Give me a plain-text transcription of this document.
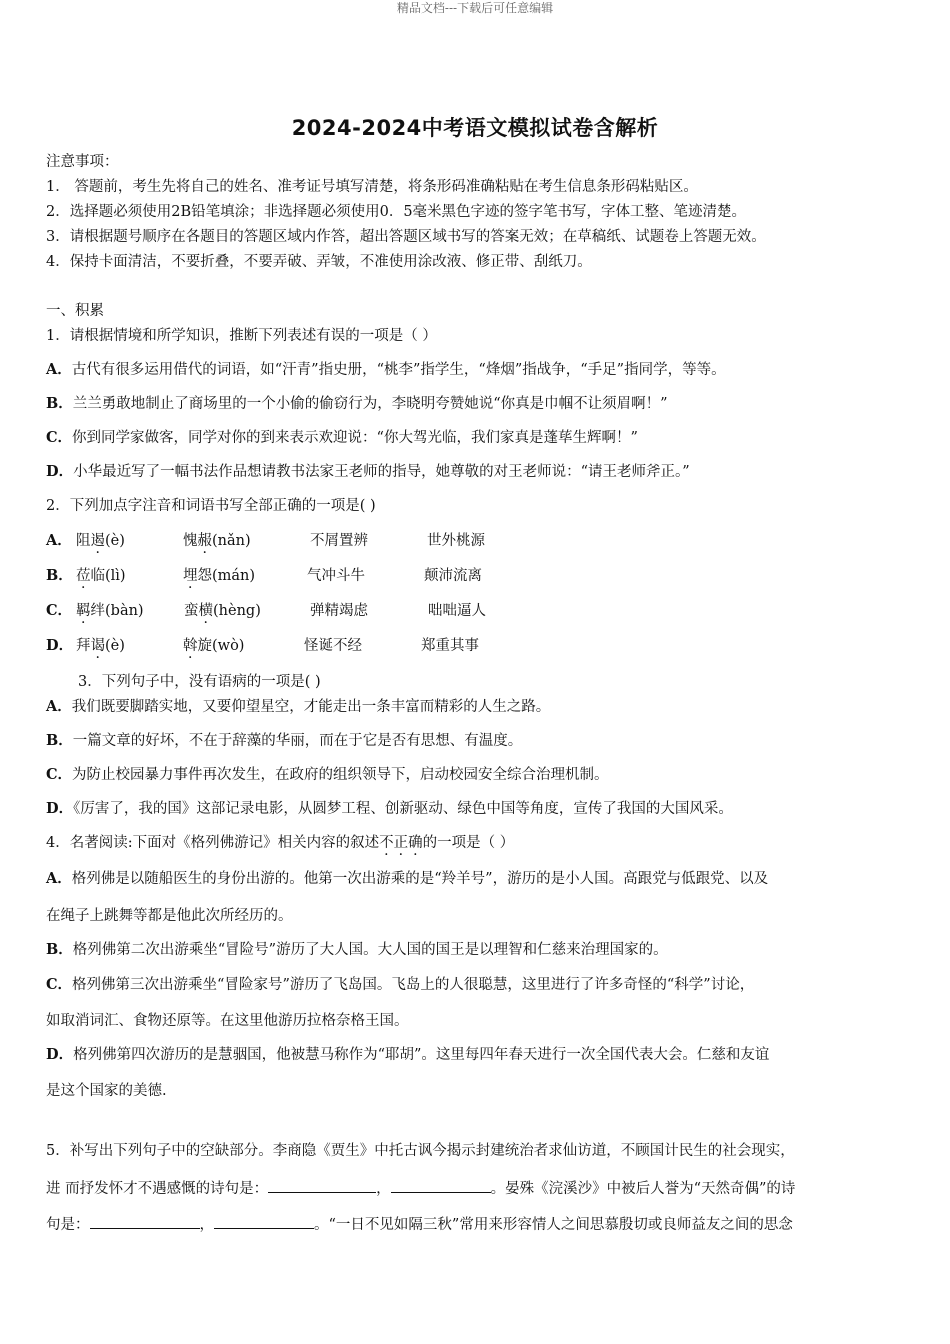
精品文档---下载后可任意编辑
2024-2024中考语文模拟试卷含解析
注意事项：
1． 答题前，考生先将自己的姓名、准考证号填写清楚，将条形码准确粘贴在考生信息条形码粘贴区。
2．选择题必须使用2B铅笔填涂；非选择题必须使用0．5毫米黑色字迹的签字笔书写，字体工整、笔迹清楚。
3．请根据题号顺序在各题目的答题区域内作答，超出答题区域书写的答案无效；在草稿纸、试题卷上答题无效。
4．保持卡面清洁，不要折叠，不要弄破、弄皱，不准使用涂改液、修正带、刮纸刀。
一、积累
1．请根据情境和所学知识，推断下列表述有误的一项是（ ）
A．古代有很多运用借代的词语，如“汗青”指史册，“桃李”指学生，“烽烟”指战争，“手足”指同学，等等。
B．兰兰勇敢地制止了商场里的一个小偷的偷窃行为，李晓明夸赞她说“你真是巾帼不让须眉啊！”
C．你到同学家做客，同学对你的到来表示欢迎说：“你大驾光临，我们家真是蓬荜生辉啊！”
D．小华最近写了一幅书法作品想请教书法家王老师的指导，她尊敬的对王老师说：“请王老师斧正。”
2．下列加点字注音和词语书写全部正确的一项是( )
A． 阻遏(è)	愧赧(nǎn)	不屑置辨	世外桃源
B． 莅临(lì)	埋怨(mán)	气冲斗牛	颠沛流离
C． 羁绊(bàn)	蛮横(hèng)	弹精竭虑	咄咄逼人
D． 拜谒(è)	斡旋(wò)	怪诞不经	郑重其事
3．下列句子中，没有语病的一项是( )
A．我们既要脚踏实地，又要仰望星空，才能走出一条丰富而精彩的人生之路。
B．一篇文章的好坏，不在于辞藻的华丽，而在于它是否有思想、有温度。
C．为防止校园暴力事件再次发生，在政府的组织领导下，启动校园安全综合治理机制。
D．《厉害了，我的国》这部记录电影，从圆梦工程、创新驱动、绿色中国等角度，宣传了我国的大国风采。
4．名著阅读:下面对《格列佛游记》相关内容的叙述不正确的一项是（ ）
A．格列佛是以随船医生的身份出游的。他第一次出游乘的是“羚羊号”，游历的是小人国。高跟党与低跟党、以及
在绳子上跳舞等都是他此次所经历的。
B．格列佛第二次出游乘坐“冒险号”游历了大人国。大人国的国王是以理智和仁慈来治理国家的。
C．格列佛第三次出游乘坐“冒险家号”游历了飞岛国。飞岛上的人很聪慧，这里进行了许多奇怪的“科学”讨论，
如取消词汇、食物还原等。在这里他游历拉格奈格王国。
D．格列佛第四次游历的是慧骃国，他被慧马称作为“耶胡”。这里每四年春天进行一次全国代表大会。仁慈和友谊
是这个国家的美德.
5．补写出下列句子中的空缺部分。李商隐《贾生》中托古讽今揭示封建统治者求仙访道，不顾国计民生的社会现实，
进 而抒发怀才不遇感慨的诗句是：	，	。晏殊《浣溪沙》中被后人誉为“天然奇偶”的诗
句是：	，	。“一日不见如隔三秋”常用来形容情人之间思慕殷切或良师益友之间的思念
